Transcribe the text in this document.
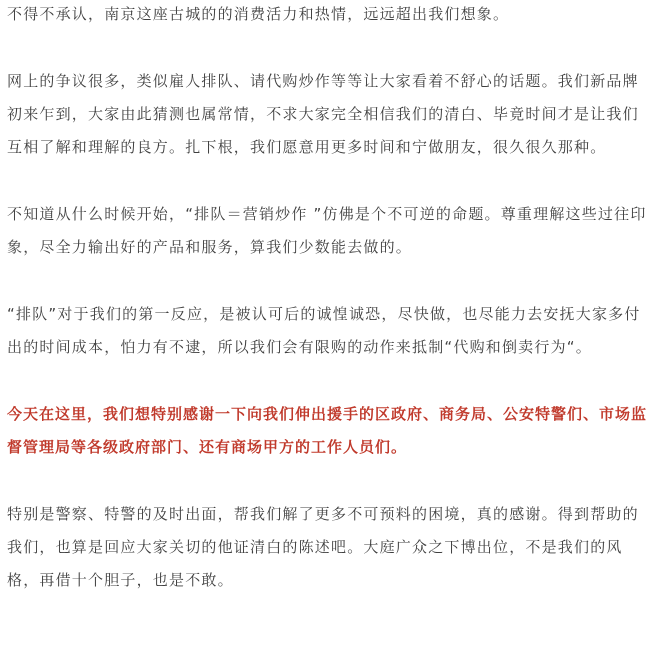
不得不承认，南京这座古城的的消费活力和热情，远远超出我们想象。

网上的争议很多，类似雇人排队、请代购炒作等等让大家看着不舒心的话题。我们新品牌初来乍到，大家由此猜测也属常情，不求大家完全相信我们的清白、毕竟时间才是让我们互相了解和理解的良方。扎下根，我们愿意用更多时间和宁做朋友，很久很久那种。

不知道从什么时候开始，“排队＝营销炒作 ”仿佛是个不可逆的命题。尊重理解这些过往印象，尽全力输出好的产品和服务，算我们少数能去做的。

“排队”对于我们的第一反应，是被认可后的诚惶诚恐，尽快做，也尽能力去安抚大家多付出的时间成本，怕力有不逮，所以我们会有限购的动作来抵制“代购和倒卖行为“。

今天在这里，我们想特别感谢一下向我们伸出援手的区政府、商务局、公安特警们、市场监督管理局等各级政府部门、还有商场甲方的工作人员们。

特别是警察、特警的及时出面，帮我们解了更多不可预料的困境，真的感谢。得到帮助的我们，也算是回应大家关切的他证清白的陈述吧。大庭广众之下博出位，不是我们的风格，再借十个胆子，也是不敢。
